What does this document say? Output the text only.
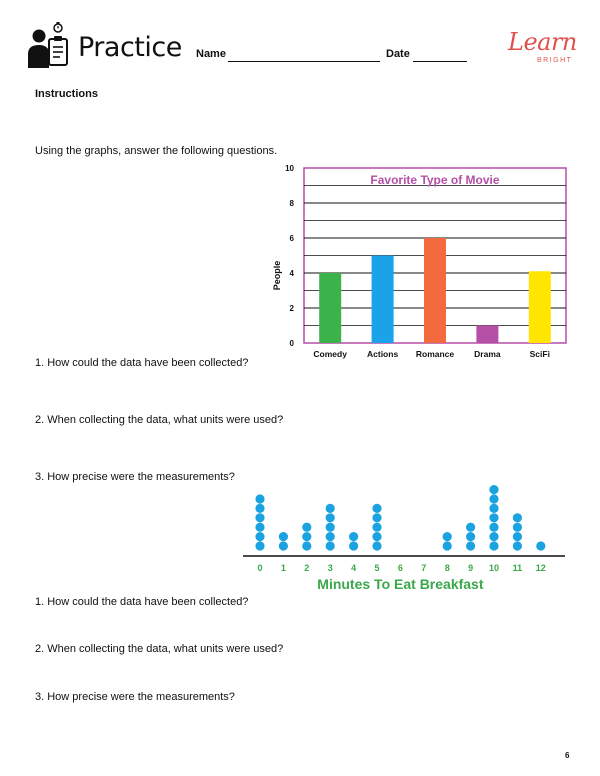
Practice Name	Date	Learn
BRIGHT
Instructions
Using the graphs, answer the following questions.
1. How could the data have been collected?
2. When collecting the data, what units were used?
3. How precise were the measurements?
1. How could the data have been collected?
2. When collecting the data, what units were used?
3. How precise were the measurements?
0
2
4
6
8
10
People
Favorite Type of Movie
Comedy Actions Romance Drama	SciFi
0 1 2 3 4 5 6 7 8 9 10 11 12
Minutes To Eat Breakfast
6
